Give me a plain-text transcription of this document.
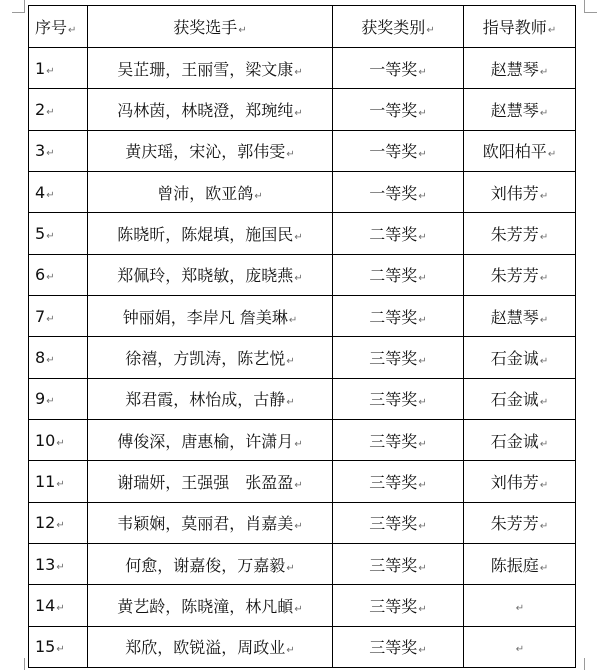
序号↵	获奖选手↵	获奖类别↵	指导教师↵
1↵	吴芷珊，王丽雪，梁文康↵	一等奖↵	赵慧琴↵
2↵	冯林茵，林晓澄，郑琬纯↵	一等奖↵	赵慧琴↵
3↵	黄庆瑶，宋沁，郭伟雯↵	一等奖↵	欧阳柏平↵
4↵	曾沛，欧亚鸽↵	一等奖↵	刘伟芳↵
5↵	陈晓昕，陈焜填，施国民↵	二等奖↵	朱芳芳↵
6↵	郑佩玲，郑晓敏，庞晓燕↵	二等奖↵	朱芳芳↵
7↵	钟丽娟，李岸凡 詹美琳↵	二等奖↵	赵慧琴↵
8↵	徐禧，方凯涛，陈艺悦↵	三等奖↵	石金诚↵
9↵	郑君霞，林怡成，古静↵	三等奖↵	石金诚↵
10↵	傅俊深，唐惠榆，许潇月↵	三等奖↵	石金诚↵
11↵	谢瑞妍，王强强　张盈盈↵	三等奖↵	刘伟芳↵
12↵	韦颖娴，莫丽君，肖嘉美↵	三等奖↵	朱芳芳↵
13↵	何愈，谢嘉俊，万嘉毅↵	三等奖↵	陈振庭↵
14↵	黄艺龄，陈晓潼，林凡頔↵	三等奖↵	↵
15↵	郑欣，欧锐溢，周政业↵	三等奖↵	↵
